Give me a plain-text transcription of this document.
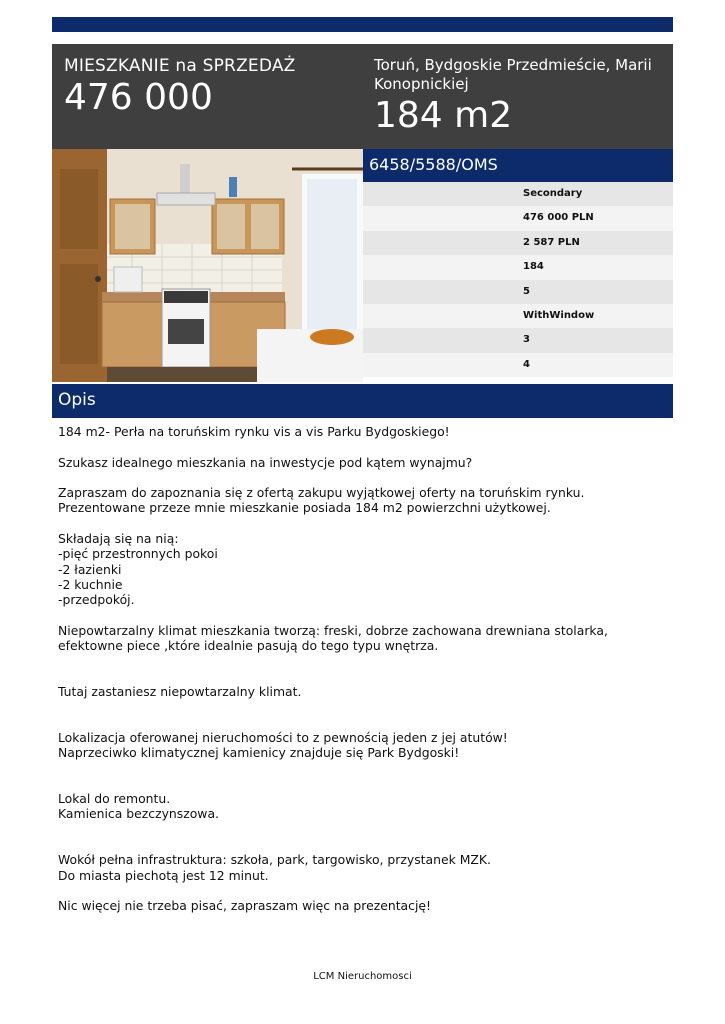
MIESZKANIE na SPRZEDAŻ
476 000
Toruń, Bydgoskie Przedmieście, Marii Konopnickiej
184 m2
6458/5588/OMS
Secondary
476 000 PLN
2 587 PLN
184
5
WithWindow
3
4
Opis
184 m2- Perła na toruńskim rynku vis a vis Parku Bydgoskiego!
Szukasz idealnego mieszkania na inwestycje pod kątem wynajmu?
Zapraszam do zapoznania się z ofertą zakupu wyjątkowej oferty na toruńskim rynku.
Prezentowane przeze mnie mieszkanie posiada 184 m2 powierzchni użytkowej.
Składają się na nią:
-pięć przestronnych pokoi
-2 łazienki
-2 kuchnie
-przedpokój.
Niepowtarzalny klimat mieszkania tworzą: freski, dobrze zachowana drewniana stolarka, efektowne piece ,które idealnie pasują do tego typu wnętrza.

Tutaj zastaniesz niepowtarzalny klimat.

Lokalizacja oferowanej nieruchomości to z pewnością jeden z jej atutów!
Naprzeciwko klimatycznej kamienicy znajduje się Park Bydgoski!

Lokal do remontu.
Kamienica bezczynszowa.

Wokół pełna infrastruktura: szkoła, park, targowisko, przystanek MZK.
Do miasta piechotą jest 12 minut.
Nic więcej nie trzeba pisać, zapraszam więc na prezentację!
LCM Nieruchomosci
